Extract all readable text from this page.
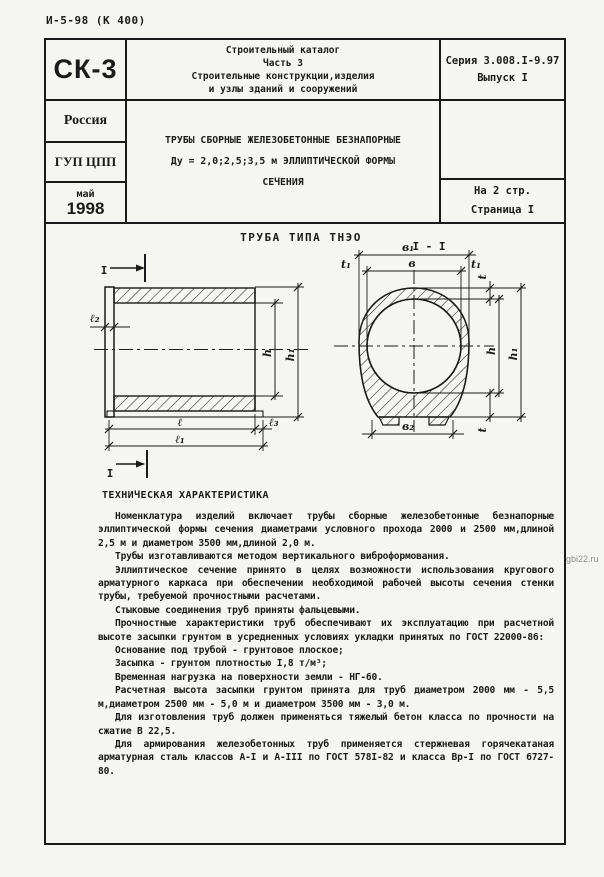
И-5-98 (К 400)
СК-3
Строительный каталог
Часть 3
Строительные конструкции,изделия
и узлы зданий и сооружений
Серия 3.008.I-9.97
Выпуск I
Россия
ГУП ЦПП
май
1998
ТРУБЫ СБОРНЫЕ ЖЕЛЕЗОБЕТОННЫЕ БЕЗНАПОРНЫЕ
Ду = 2,0;2,5;3,5 м ЭЛЛИПТИЧЕСКОЙ ФОРМЫ
СЕЧЕНИЯ
На 2 стр.
Страница I
ТРУБА ТИПА ТНЭО
I - I
ℓ₂
h h₁
ℓ	ℓ₃
ℓ₁
I
I
в₁
в
t₁	t₁
t
h h₁
t
в₂
ТЕХНИЧЕСКАЯ ХАРАКТЕРИСТИКА

Номенклатура изделий включает трубы сборные железобетонные безнапорные эллиптической формы сечения диаметрами условного прохода 2000 и 2500 мм,длиной 2,5 м и диаметром 3500 мм,длиной 2,0 м.

Трубы изготавливаются методом вертикального виброформования.

Эллиптическое сечение принято в целях возможности использования кругового арматурного каркаса при обеспечении необходимой рабочей высоты сечения стенки трубы, требуемой прочностными расчетами.

Стыковые соединения труб приняты фальцевыми.

Прочностные характеристики труб обеспечивают их эксплуатацию при расчетной высоте засыпки грунтом в усредненных условиях укладки принятых по ГОСТ 22000-86:

Основание под трубой - грунтовое плоское;

Засыпка - грунтом плотностью I,8 т/м³;

Временная нагрузка на поверхности земли - НГ-60.

Расчетная высота засыпки грунтом принята для труб диаметром 2000 мм - 5,5 м,диаметром 2500 мм - 5,0 м и диаметром 3500 мм - 3,0 м.

Для изготовления труб должен применяться тяжелый бетон класса по прочности на сжатие В 22,5.

Для армирования железобетонных труб применяется стержневая горячекатаная арматурная сталь классов А-I и А-III по ГОСТ 578I-82 и класса Вр-I по ГОСТ 6727-80.

gbi22.ru
